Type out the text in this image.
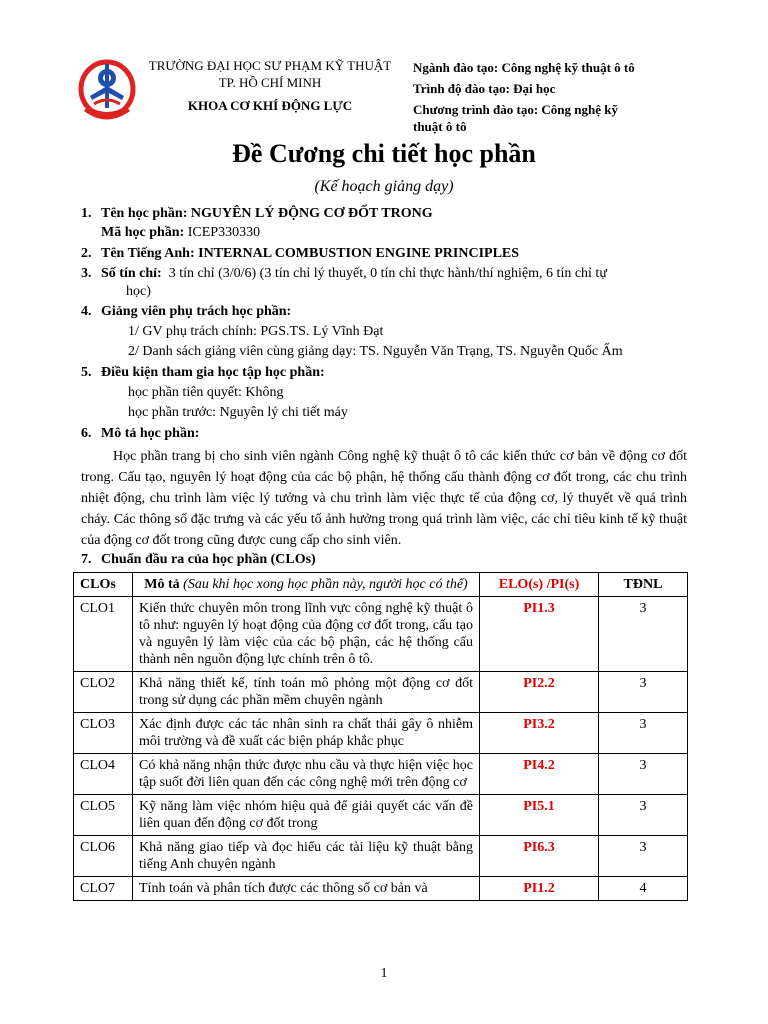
TRƯỜNG ĐẠI HỌC SƯ PHẠM KỸ THUẬT
TP. HỒ CHÍ MINH
KHOA CƠ KHÍ ĐỘNG LỰC
Ngành đào tạo: Công nghệ kỹ thuật ô tô
Trình độ đào tạo: Đại học
Chương trình đào tạo: Công nghệ kỹ
thuật ô tô
Đề Cương chi tiết học phần
(Kế hoạch giảng dạy)
1. Tên học phần: NGUYÊN LÝ ĐỘNG CƠ ĐỐT TRONG
Mã học phần: ICEP330330
2. Tên Tiếng Anh: INTERNAL COMBUSTION ENGINE PRINCIPLES
3. Số tín chỉ: 3 tín chỉ (3/0/6) (3 tín chỉ lý thuyết, 0 tín chỉ thực hành/thí nghiệm, 6 tín chỉ tự
học)
4. Giảng viên phụ trách học phần:
1/ GV phụ trách chính: PGS.TS. Lý Vĩnh Đạt
2/ Danh sách giảng viên cùng giảng dạy: TS. Nguyễn Văn Trạng, TS. Nguyễn Quốc Ấm
5. Điều kiện tham gia học tập học phần:
học phần tiên quyết: Không
học phần trước: Nguyên lý chi tiết máy
6. Mô tả học phần:
Học phần trang bị cho sinh viên ngành Công nghệ kỹ thuật ô tô các kiến thức cơ bản về động cơ đốt trong. Cấu tạo, nguyên lý hoạt động của các bộ phận, hệ thống cấu thành động cơ đốt trong, các chu trình nhiệt động, chu trình làm việc lý tưởng và chu trình làm việc thực tế của động cơ, lý thuyết về quá trình cháy. Các thông số đặc trưng và các yếu tố ảnh hưởng trong quá trình làm việc, các chỉ tiêu kinh tế kỹ thuật của động cơ đốt trong cũng được cung cấp cho sinh viên.
7. Chuẩn đầu ra của học phần (CLOs)
CLOs	Mô tả (Sau khi học xong học phần này, người học có thể)	ELO(s) /PI(s)	TĐNL
CLO1	Kiến thức chuyên môn trong lĩnh vực công nghệ kỹ thuật ô tô như: nguyên lý hoạt động của động cơ đốt trong, cấu tạo và nguyên lý làm việc của các bộ phận, các hệ thống cấu thành nên nguồn động lực chính trên ô tô.	PI1.3	3
CLO2	Khả năng thiết kế, tính toán mô phỏng một động cơ đốt trong sử dụng các phần mềm chuyên ngành	PI2.2	3
CLO3	Xác định được các tác nhân sinh ra chất thải gây ô nhiễm môi trường và đề xuất các biện pháp khắc phục	PI3.2	3
CLO4	Có khả năng nhận thức được nhu cầu và thực hiện việc học tập suốt đời liên quan đến các công nghệ mới trên động cơ	PI4.2	3
CLO5	Kỹ năng làm việc nhóm hiệu quả để giải quyết các vấn đề liên quan đến động cơ đốt trong	PI5.1	3
CLO6	Khả năng giao tiếp và đọc hiểu các tài liệu kỹ thuật bằng tiếng Anh chuyên ngành	PI6.3	3
CLO7	Tính toán và phân tích được các thông số cơ bản và	PI1.2	4
1
